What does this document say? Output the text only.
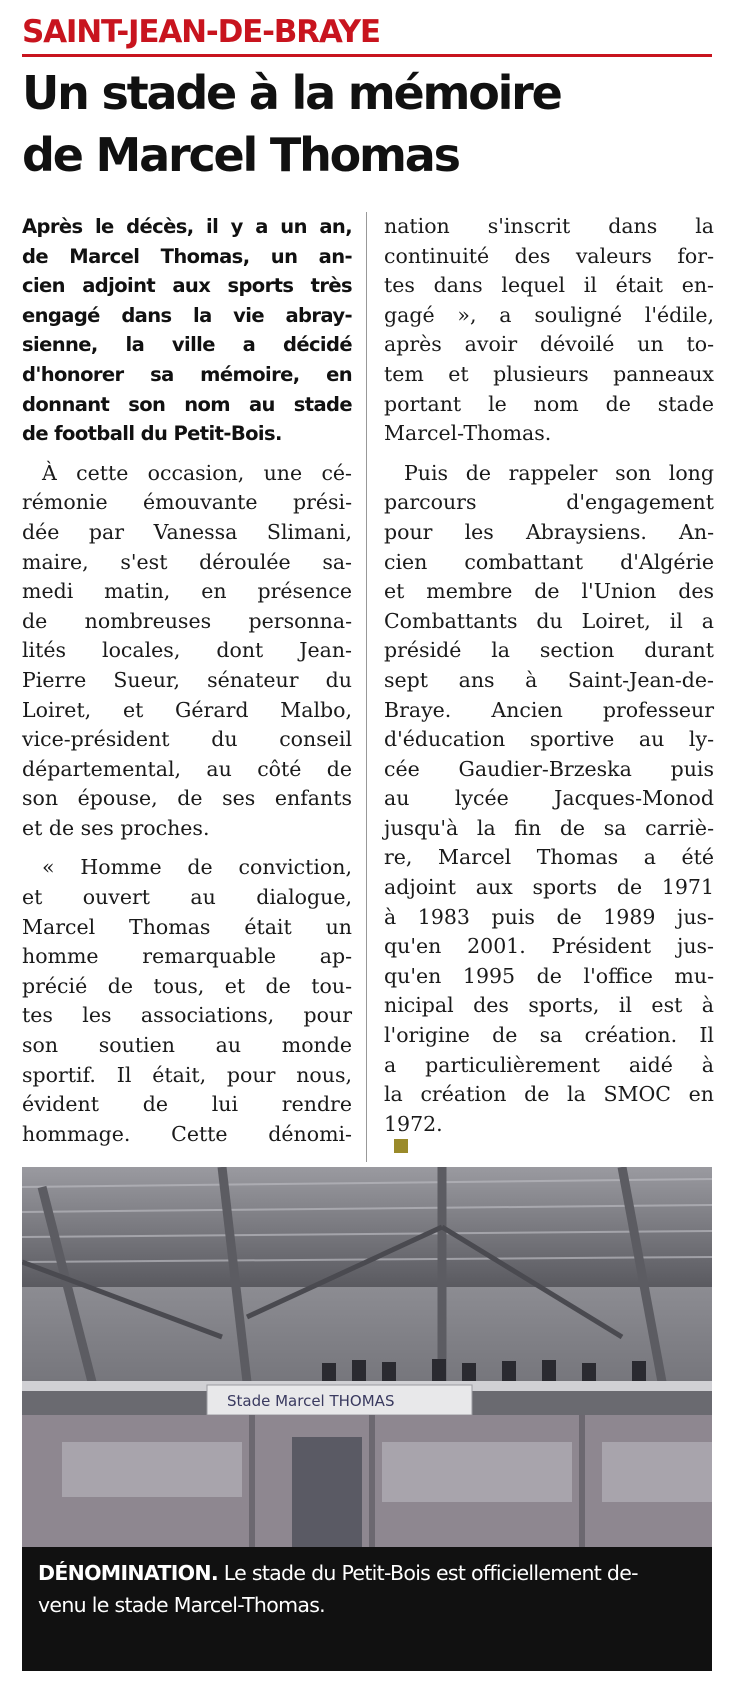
SAINT-JEAN-DE-BRAYE
Un stade à la mémoire
de Marcel Thomas

Après le décès, il y a un an,
de Marcel Thomas, un an-
cien adjoint aux sports très
engagé dans la vie abray-
sienne, la ville a décidé
d'honorer sa mémoire, en
donnant son nom au stade
de football du Petit-Bois.

À cette occasion, une cé-
rémonie émouvante prési-
dée par Vanessa Slimani,
maire, s'est déroulée sa-
medi matin, en présence
de nombreuses personna-
lités locales, dont Jean-
Pierre Sueur, sénateur du
Loiret, et Gérard Malbo,
vice-président du conseil
départemental, au côté de
son épouse, de ses enfants
et de ses proches.

« Homme de conviction,
et ouvert au dialogue,
Marcel Thomas était un
homme remarquable ap-
précié de tous, et de tou-
tes les associations, pour
son soutien au monde
sportif. Il était, pour nous,
évident de lui rendre
hommage. Cette dénomi-

nation s'inscrit dans la
continuité des valeurs for-
tes dans lequel il était en-
gagé », a souligné l'édile,
après avoir dévoilé un to-
tem et plusieurs panneaux
portant le nom de stade
Marcel-Thomas.

Puis de rappeler son long
parcours d'engagement
pour les Abraysiens. An-
cien combattant d'Algérie
et membre de l'Union des
Combattants du Loiret, il a
présidé la section durant
sept ans à Saint-Jean-de-
Braye. Ancien professeur
d'éducation sportive au ly-
cée Gaudier-Brzeska puis
au lycée Jacques-Monod
jusqu'à la fin de sa carriè-
re, Marcel Thomas a été
adjoint aux sports de 1971
à 1983 puis de 1989 jus-
qu'en 2001. Président jus-
qu'en 1995 de l'office mu-
nicipal des sports, il est à
l'origine de sa création. Il
a particulièrement aidé à
la création de la SMOC en
1972.

Stade Marcel THOMAS
DÉNOMINATION. Le stade du Petit-Bois est officiellement de-
venu le stade Marcel-Thomas.
